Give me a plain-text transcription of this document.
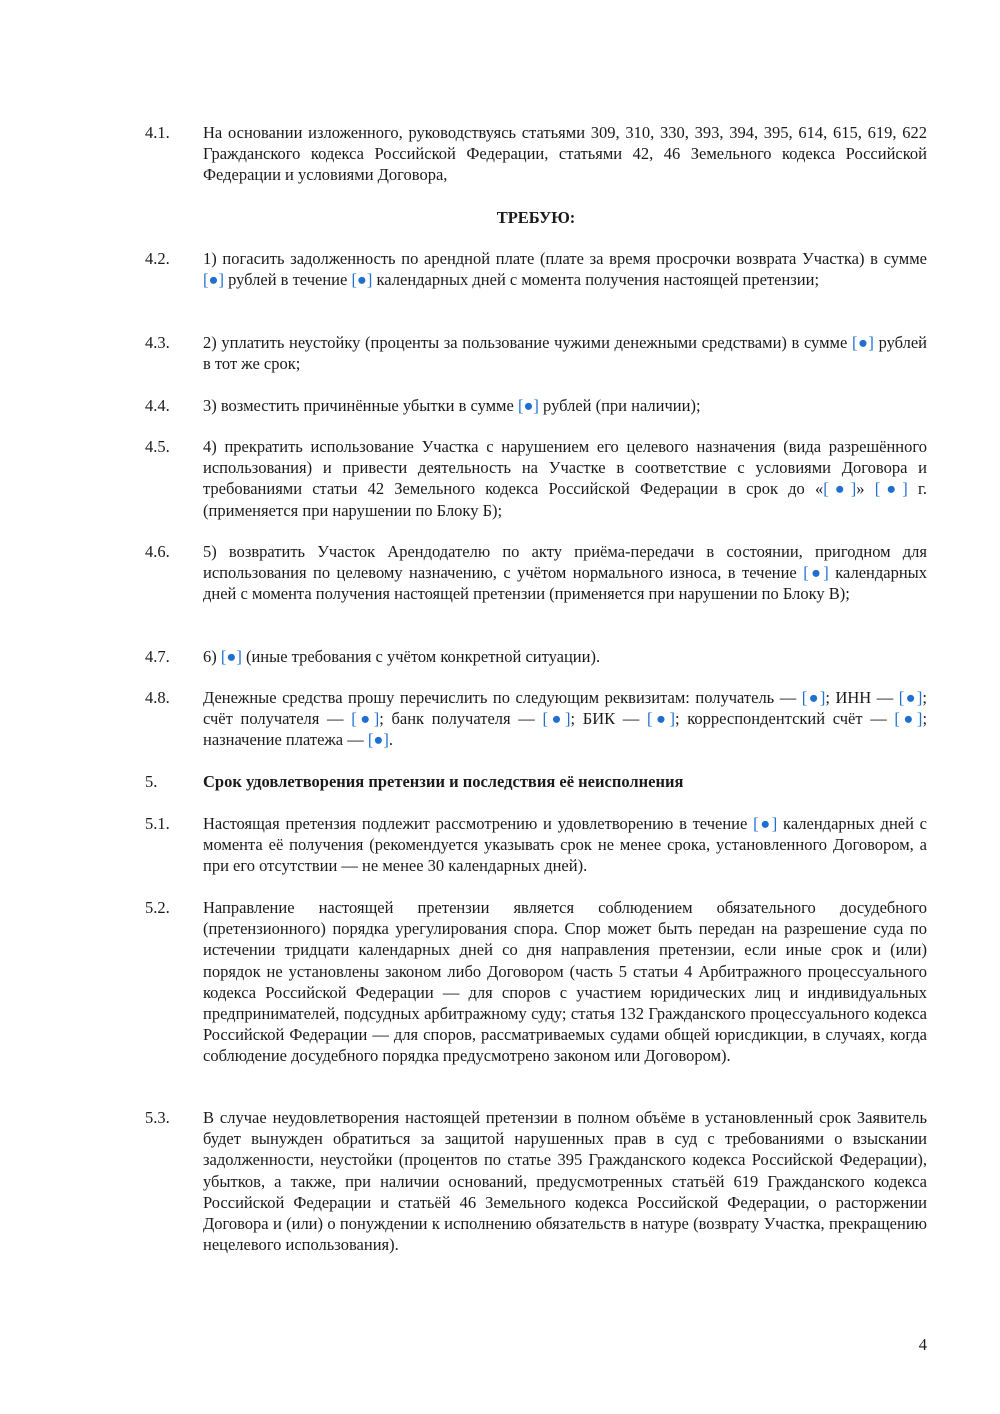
4.1.	На основании изложенного, руководствуясь статьями 309, 310, 330, 393, 394, 395, 614, 615, 619, 622 Гражданского кодекса Российской Федерации, статьями 42, 46 Земельного кодекса Российской Федерации и условиями Договора,
ТРЕБУЮ:
4.2.	1) погасить задолженность по арендной плате (плате за время просрочки возврата Участка) в сумме [●] рублей в течение [●] календарных дней с момента получения настоящей претензии;
4.3.	2) уплатить неустойку (проценты за пользование чужими денежными средствами) в сумме [●] рублей в тот же срок;
4.4.	3) возместить причинённые убытки в сумме [●] рублей (при наличии);
4.5.	4) прекратить использование Участка с нарушением его целевого назначения (вида разрешённого использования) и привести деятельность на Участке в соответствие с условиями Договора и требованиями статьи 42 Земельного кодекса Российской Федерации в срок до «[●]» [●] г. (применяется при нарушении по Блоку Б);
4.6.	5) возвратить Участок Арендодателю по акту приёма-передачи в состоянии, пригодном для использования по целевому назначению, с учётом нормального износа, в течение [●] календарных дней с момента получения настоящей претензии (применяется при нарушении по Блоку В);
4.7.	6) [●] (иные требования с учётом конкретной ситуации).
4.8.	Денежные средства прошу перечислить по следующим реквизитам: получатель — [●]; ИНН — [●]; счёт получателя — [●]; банк получателя — [●]; БИК — [●]; корреспондентский счёт — [●]; назначение платежа — [●].
5.	Срок удовлетворения претензии и последствия её неисполнения
5.1.	Настоящая претензия подлежит рассмотрению и удовлетворению в течение [●] календарных дней с момента её получения (рекомендуется указывать срок не менее срока, установленного Договором, а при его отсутствии — не менее 30 календарных дней).
5.2.	Направление настоящей претензии является соблюдением обязательного досудебного (претензионного) порядка урегулирования спора. Спор может быть передан на разрешение суда по истечении тридцати календарных дней со дня направления претензии, если иные срок и (или) порядок не установлены законом либо Договором (часть 5 статьи 4 Арбитражного процессуального кодекса Российской Федерации — для споров с участием юридических лиц и индивидуальных предпринимателей, подсудных арбитражному суду; статья 132 Гражданского процессуального кодекса Российской Федерации — для споров, рассматриваемых судами общей юрисдикции, в случаях, когда соблюдение досудебного порядка предусмотрено законом или Договором).
5.3.	В случае неудовлетворения настоящей претензии в полном объёме в установленный срок Заявитель будет вынужден обратиться за защитой нарушенных прав в суд с требованиями о взыскании задолженности, неустойки (процентов по статье 395 Гражданского кодекса Российской Федерации), убытков, а также, при наличии оснований, предусмотренных статьёй 619 Гражданского кодекса Российской Федерации и статьёй 46 Земельного кодекса Российской Федерации, о расторжении Договора и (или) о понуждении к исполнению обязательств в натуре (возврату Участка, прекращению нецелевого использования).
4
